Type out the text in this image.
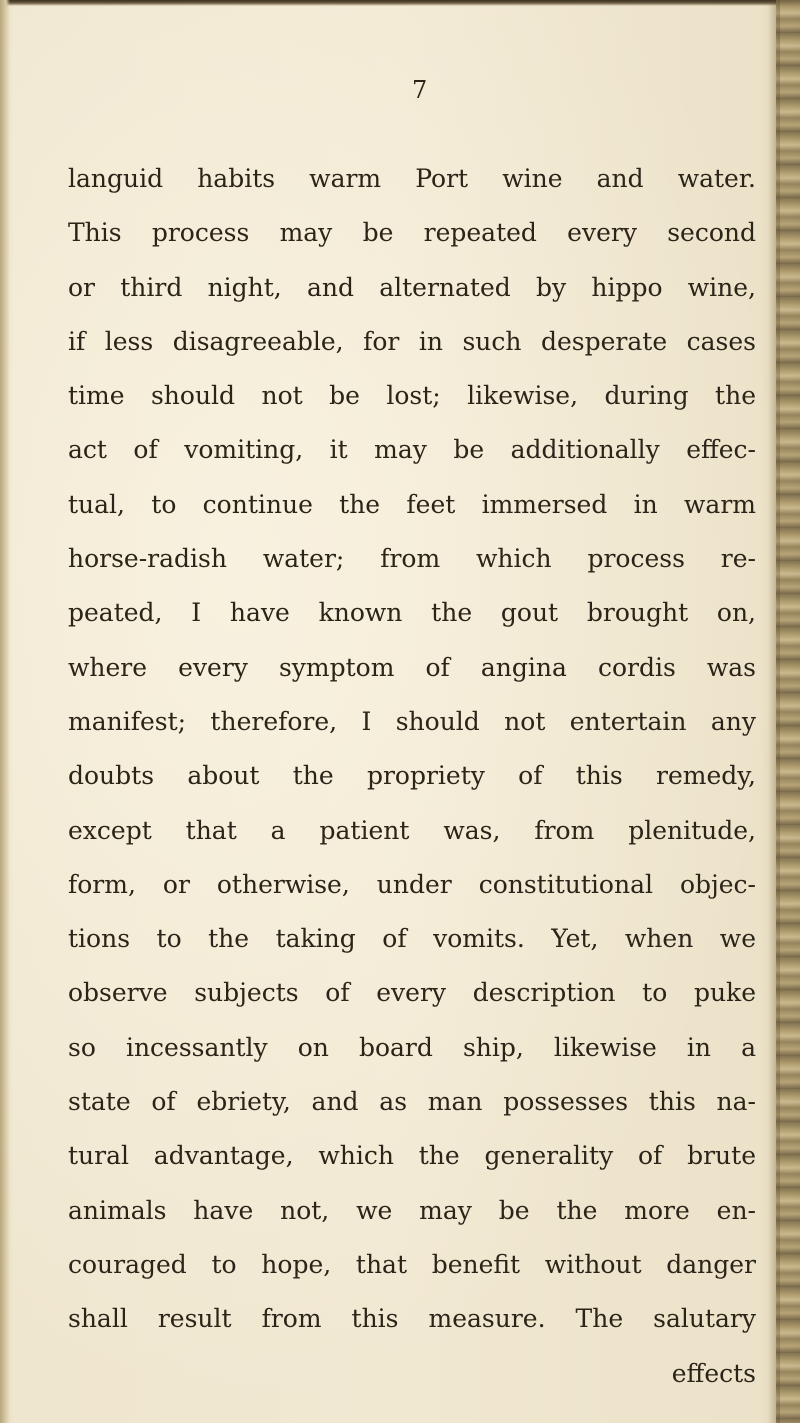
7
languid habits warm Port wine and water.
This process may be repeated every second
or third night, and alternated by hippo wine,
if less disagreeable, for in such desperate cases
time should not be lost; likewise, during the
act of vomiting, it may be additionally effec-
tual, to continue the feet immersed in warm
horse-radish water; from which process re-
peated, I have known the gout brought on,
where every symptom of angina cordis was
manifest; therefore, I should not entertain any
doubts about the propriety of this remedy,
except that a patient was, from plenitude,
form, or otherwise, under constitutional objec-
tions to the taking of vomits. Yet, when we
observe subjects of every description to puke
so incessantly on board ship, likewise in a
state of ebriety, and as man possesses this na-
tural advantage, which the generality of brute
animals have not, we may be the more en-
couraged to hope, that benefit without danger
shall result from this measure. The salutary
effects
